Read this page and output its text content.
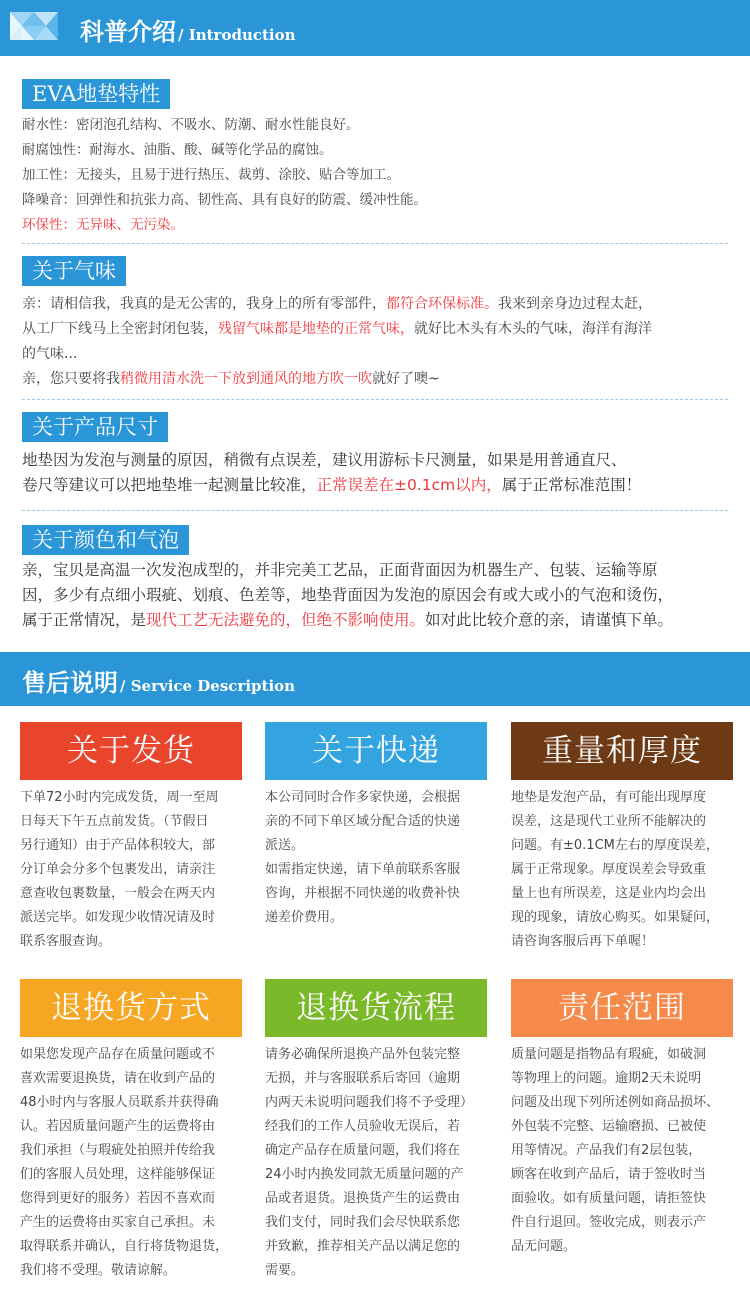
科普介绍 / Introduction
EVA地垫特性

耐水性：密闭泡孔结构、不吸水、防潮、耐水性能良好。

耐腐蚀性：耐海水、油脂、酸、碱等化学品的腐蚀。

加工性：无接头，且易于进行热压、裁剪、涂胶、贴合等加工。

降噪音：回弹性和抗张力高、韧性高、具有良好的防震、缓冲性能。

环保性：无异味、无污染。

关于气味

亲：请相信我，我真的是无公害的，我身上的所有零部件，都符合环保标准。我来到亲身边过程太赶，

从工厂下线马上全密封闭包装，残留气味都是地垫的正常气味，就好比木头有木头的气味，海洋有海洋

的气味...

亲，您只要将我稍微用清水洗一下放到通风的地方吹一吹就好了噢~

关于产品尺寸

地垫因为发泡与测量的原因，稍微有点误差，建议用游标卡尺测量，如果是用普通直尺、

卷尺等建议可以把地垫堆一起测量比较准，正常误差在±0.1cm以内，属于正常标准范围！

关于颜色和气泡

亲，宝贝是高温一次发泡成型的，并非完美工艺品，正面背面因为机器生产、包装、运输等原

因，多少有点细小瑕疵、划痕、色差等，地垫背面因为发泡的原因会有或大或小的气泡和烫伤，

属于正常情况，是现代工艺无法避免的，但绝不影响使用。如对此比较介意的亲，请谨慎下单。

售后说明 / Service Description
关于发货

下单72小时内完成发货，周一至周

日每天下午五点前发货。（节假日

另行通知）由于产品体积较大，部

分订单会分多个包裹发出，请亲注

意查收包裹数量，一般会在两天内

派送完毕。如发现少收情况请及时

联系客服查询。

关于快递

本公司同时合作多家快递，会根据

亲的不同下单区域分配合适的快递

派送。

如需指定快递，请下单前联系客服

咨询，并根据不同快递的收费补快

递差价费用。

重量和厚度

地垫是发泡产品，有可能出现厚度

误差，这是现代工业所不能解决的

问题。有±0.1CM左右的厚度误差，

属于正常现象。厚度误差会导致重

量上也有所误差，这是业内均会出

现的现象，请放心购买。如果疑问，

请咨询客服后再下单喔！

退换货方式

如果您发现产品存在质量问题或不

喜欢需要退换货，请在收到产品的

48小时内与客服人员联系并获得确

认。若因质量问题产生的运费将由

我们承担（与瑕疵处拍照并传给我

们的客服人员处理，这样能够保证

您得到更好的服务）若因不喜欢而

产生的运费将由买家自己承担。未

取得联系并确认，自行将货物退货，

我们将不受理。敬请谅解。

退换货流程

请务必确保所退换产品外包装完整

无损，并与客服联系后寄回（逾期

内两天未说明问题我们将不予受理）

经我们的工作人员验收无误后，若

确定产品存在质量问题，我们将在

24小时内换发同款无质量问题的产

品或者退货。退换货产生的运费由

我们支付，同时我们会尽快联系您

并致歉，推荐相关产品以满足您的

需要。

责任范围

质量问题是指物品有瑕疵，如破洞

等物理上的问题。逾期2天未说明

问题及出现下列所述例如商品损坏、

外包装不完整、运输磨损、已被使

用等情况。产品我们有2层包装，

顾客在收到产品后，请于签收时当

面验收。如有质量问题，请拒签快

件自行退回。签收完成，则表示产

品无问题。
